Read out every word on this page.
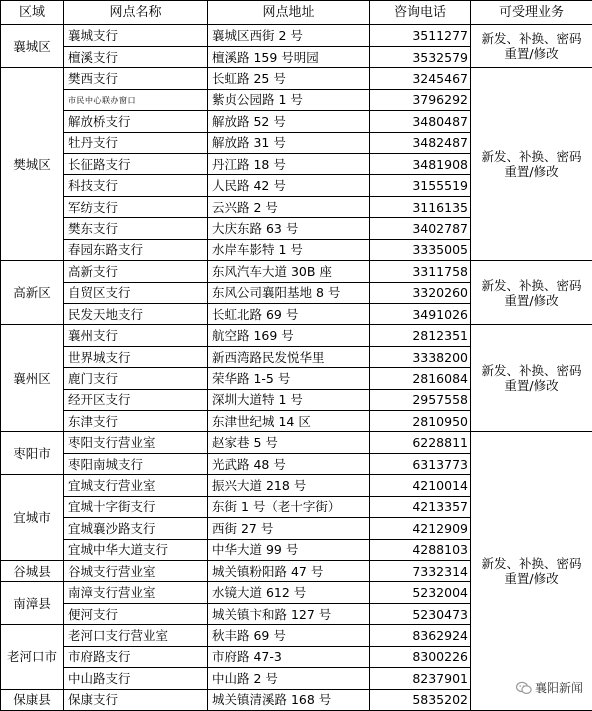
区域	网点名称	网点地址	咨询电话	可受理业务
襄城区	襄城支行	襄城区西街 2 号	3511277	新发、补换、密码
重置/修改
	檀溪支行	檀溪路 159 号明园	3532579	
樊城区	樊西支行	长虹路 25 号	3245467	新发、补换、密码
重置/修改
	市民中心联办窗口	紫贞公园路 1 号	3796292	
	解放桥支行	解放路 52 号	3480487	
	牡丹支行	解放路 31 号	3482487	
	长征路支行	丹江路 18 号	3481908	
	科技支行	人民路 42 号	3155519	
	军纺支行	云兴路 2 号	3116135	
	樊东支行	大庆东路 63 号	3402787	
	春园东路支行	水岸车影特 1 号	3335005	
高新区	高新支行	东风汽车大道 30B 座	3311758	新发、补换、密码
重置/修改
	自贸区支行	东风公司襄阳基地 8 号	3320260	
	民发天地支行	长虹北路 69 号	3491026	
襄州区	襄州支行	航空路 169 号	2812351	新发、补换、密码
重置/修改
	世界城支行	新西湾路民发悦华里	3338200	
	鹿门支行	荣华路 1-5 号	2816084	
	经开区支行	深圳大道特 1 号	2957558	
	东津支行	东津世纪城 14 区	2810950	
枣阳市	枣阳支行营业室	赵家巷 5 号	6228811	新发、补换、密码
重置/修改
	枣阳南城支行	光武路 48 号	6313773	
宜城市	宜城支行营业室	振兴大道 218 号	4210014	
	宜城十字街支行	东街 1 号（老十字街）	4213357	
	宜城襄沙路支行	西街 27 号	4212909	
	宜城中华大道支行	中华大道 99 号	4288103	
谷城县	谷城支行营业室	城关镇粉阳路 47 号	7332314	
南漳县	南漳支行营业室	水镜大道 612 号	5232004	
	便河支行	城关镇卞和路 127 号	5230473	
老河口市	老河口支行营业室	秋丰路 69 号	8362924	
	市府路支行	市府路 47-3	8300226	
	中山路支行	中山路 2 号	8237901	
保康县	保康支行	城关镇清溪路 168 号	5835202	
襄阳新闻
